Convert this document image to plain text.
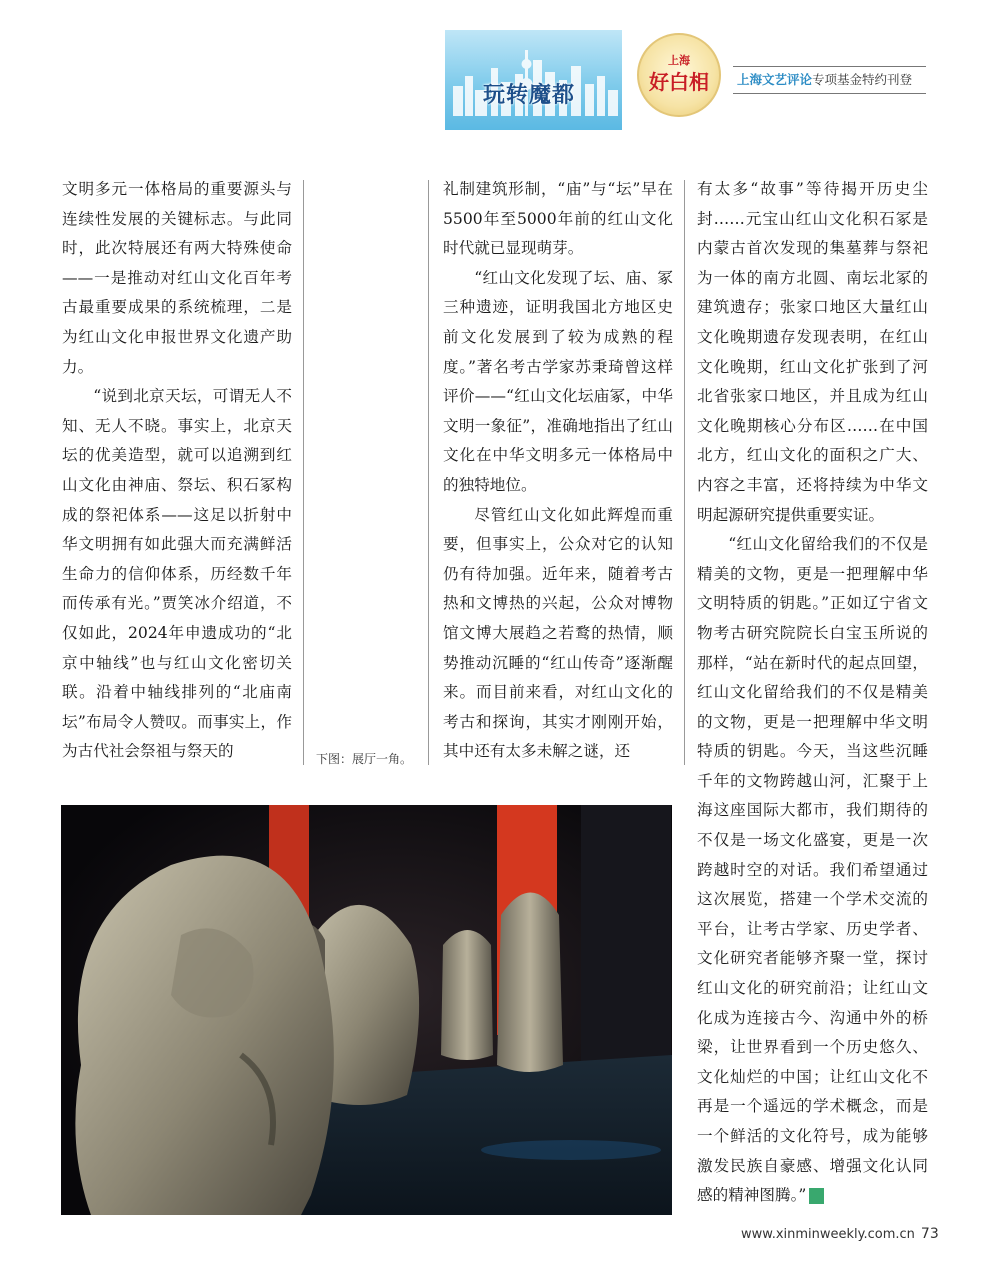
玩转魔都
上海
好白相	上海文艺评论专项基金特约刊登

文明多元一体格局的重要源头与连续性发展的关键标志。与此同时，此次特展还有两大特殊使命——一是推动对红山文化百年考古最重要成果的系统梳理，二是为红山文化申报世界文化遗产助力。

“说到北京天坛，可谓无人不知、无人不晓。事实上，北京天坛的优美造型，就可以追溯到红山文化由神庙、祭坛、积石冢构成的祭祀体系——这足以折射中华文明拥有如此强大而充满鲜活生命力的信仰体系，历经数千年而传承有光。”贾笑冰介绍道，不仅如此，2024年申遗成功的“北京中轴线”也与红山文化密切关联。沿着中轴线排列的“北庙南坛”布局令人赞叹。而事实上，作为古代社会祭祖与祭天的

礼制建筑形制，“庙”与“坛”早在5500年至5000年前的红山文化时代就已显现萌芽。

“红山文化发现了坛、庙、冢三种遗迹，证明我国北方地区史前文化发展到了较为成熟的程度。”著名考古学家苏秉琦曾这样评价——“红山文化坛庙冢，中华文明一象征”，准确地指出了红山文化在中华文明多元一体格局中的独特地位。

尽管红山文化如此辉煌而重要，但事实上，公众对它的认知仍有待加强。近年来，随着考古热和文博热的兴起，公众对博物馆文博大展趋之若鹜的热情，顺势推动沉睡的“红山传奇”逐渐醒来。而目前来看，对红山文化的考古和探询，其实才刚刚开始，其中还有太多未解之谜，还

有太多“故事”等待揭开历史尘封……元宝山红山文化积石冢是内蒙古首次发现的集墓葬与祭祀为一体的南方北圆、南坛北冢的建筑遗存；张家口地区大量红山文化晚期遗存发现表明，在红山文化晚期，红山文化扩张到了河北省张家口地区，并且成为红山文化晚期核心分布区……在中国北方，红山文化的面积之广大、内容之丰富，还将持续为中华文明起源研究提供重要实证。

“红山文化留给我们的不仅是精美的文物，更是一把理解中华文明特质的钥匙。”正如辽宁省文物考古研究院院长白宝玉所说的那样，“站在新时代的起点回望，红山文化留给我们的不仅是精美的文物，更是一把理解中华文明特质的钥匙。今天，当这些沉睡千年的文物跨越山河，汇聚于上海这座国际大都市，我们期待的不仅是一场文化盛宴，更是一次跨越时空的对话。我们希望通过这次展览，搭建一个学术交流的平台，让考古学家、历史学者、文化研究者能够齐聚一堂，探讨红山文化的研究前沿；让红山文化成为连接古今、沟通中外的桥梁，让世界看到一个历史悠久、文化灿烂的中国；让红山文化不再是一个遥远的学术概念，而是一个鲜活的文化符号，成为能够激发民族自豪感、增强文化认同感的精神图腾。”	民

下图：展厅一角。
www.xinminweekly.com.cn 73
